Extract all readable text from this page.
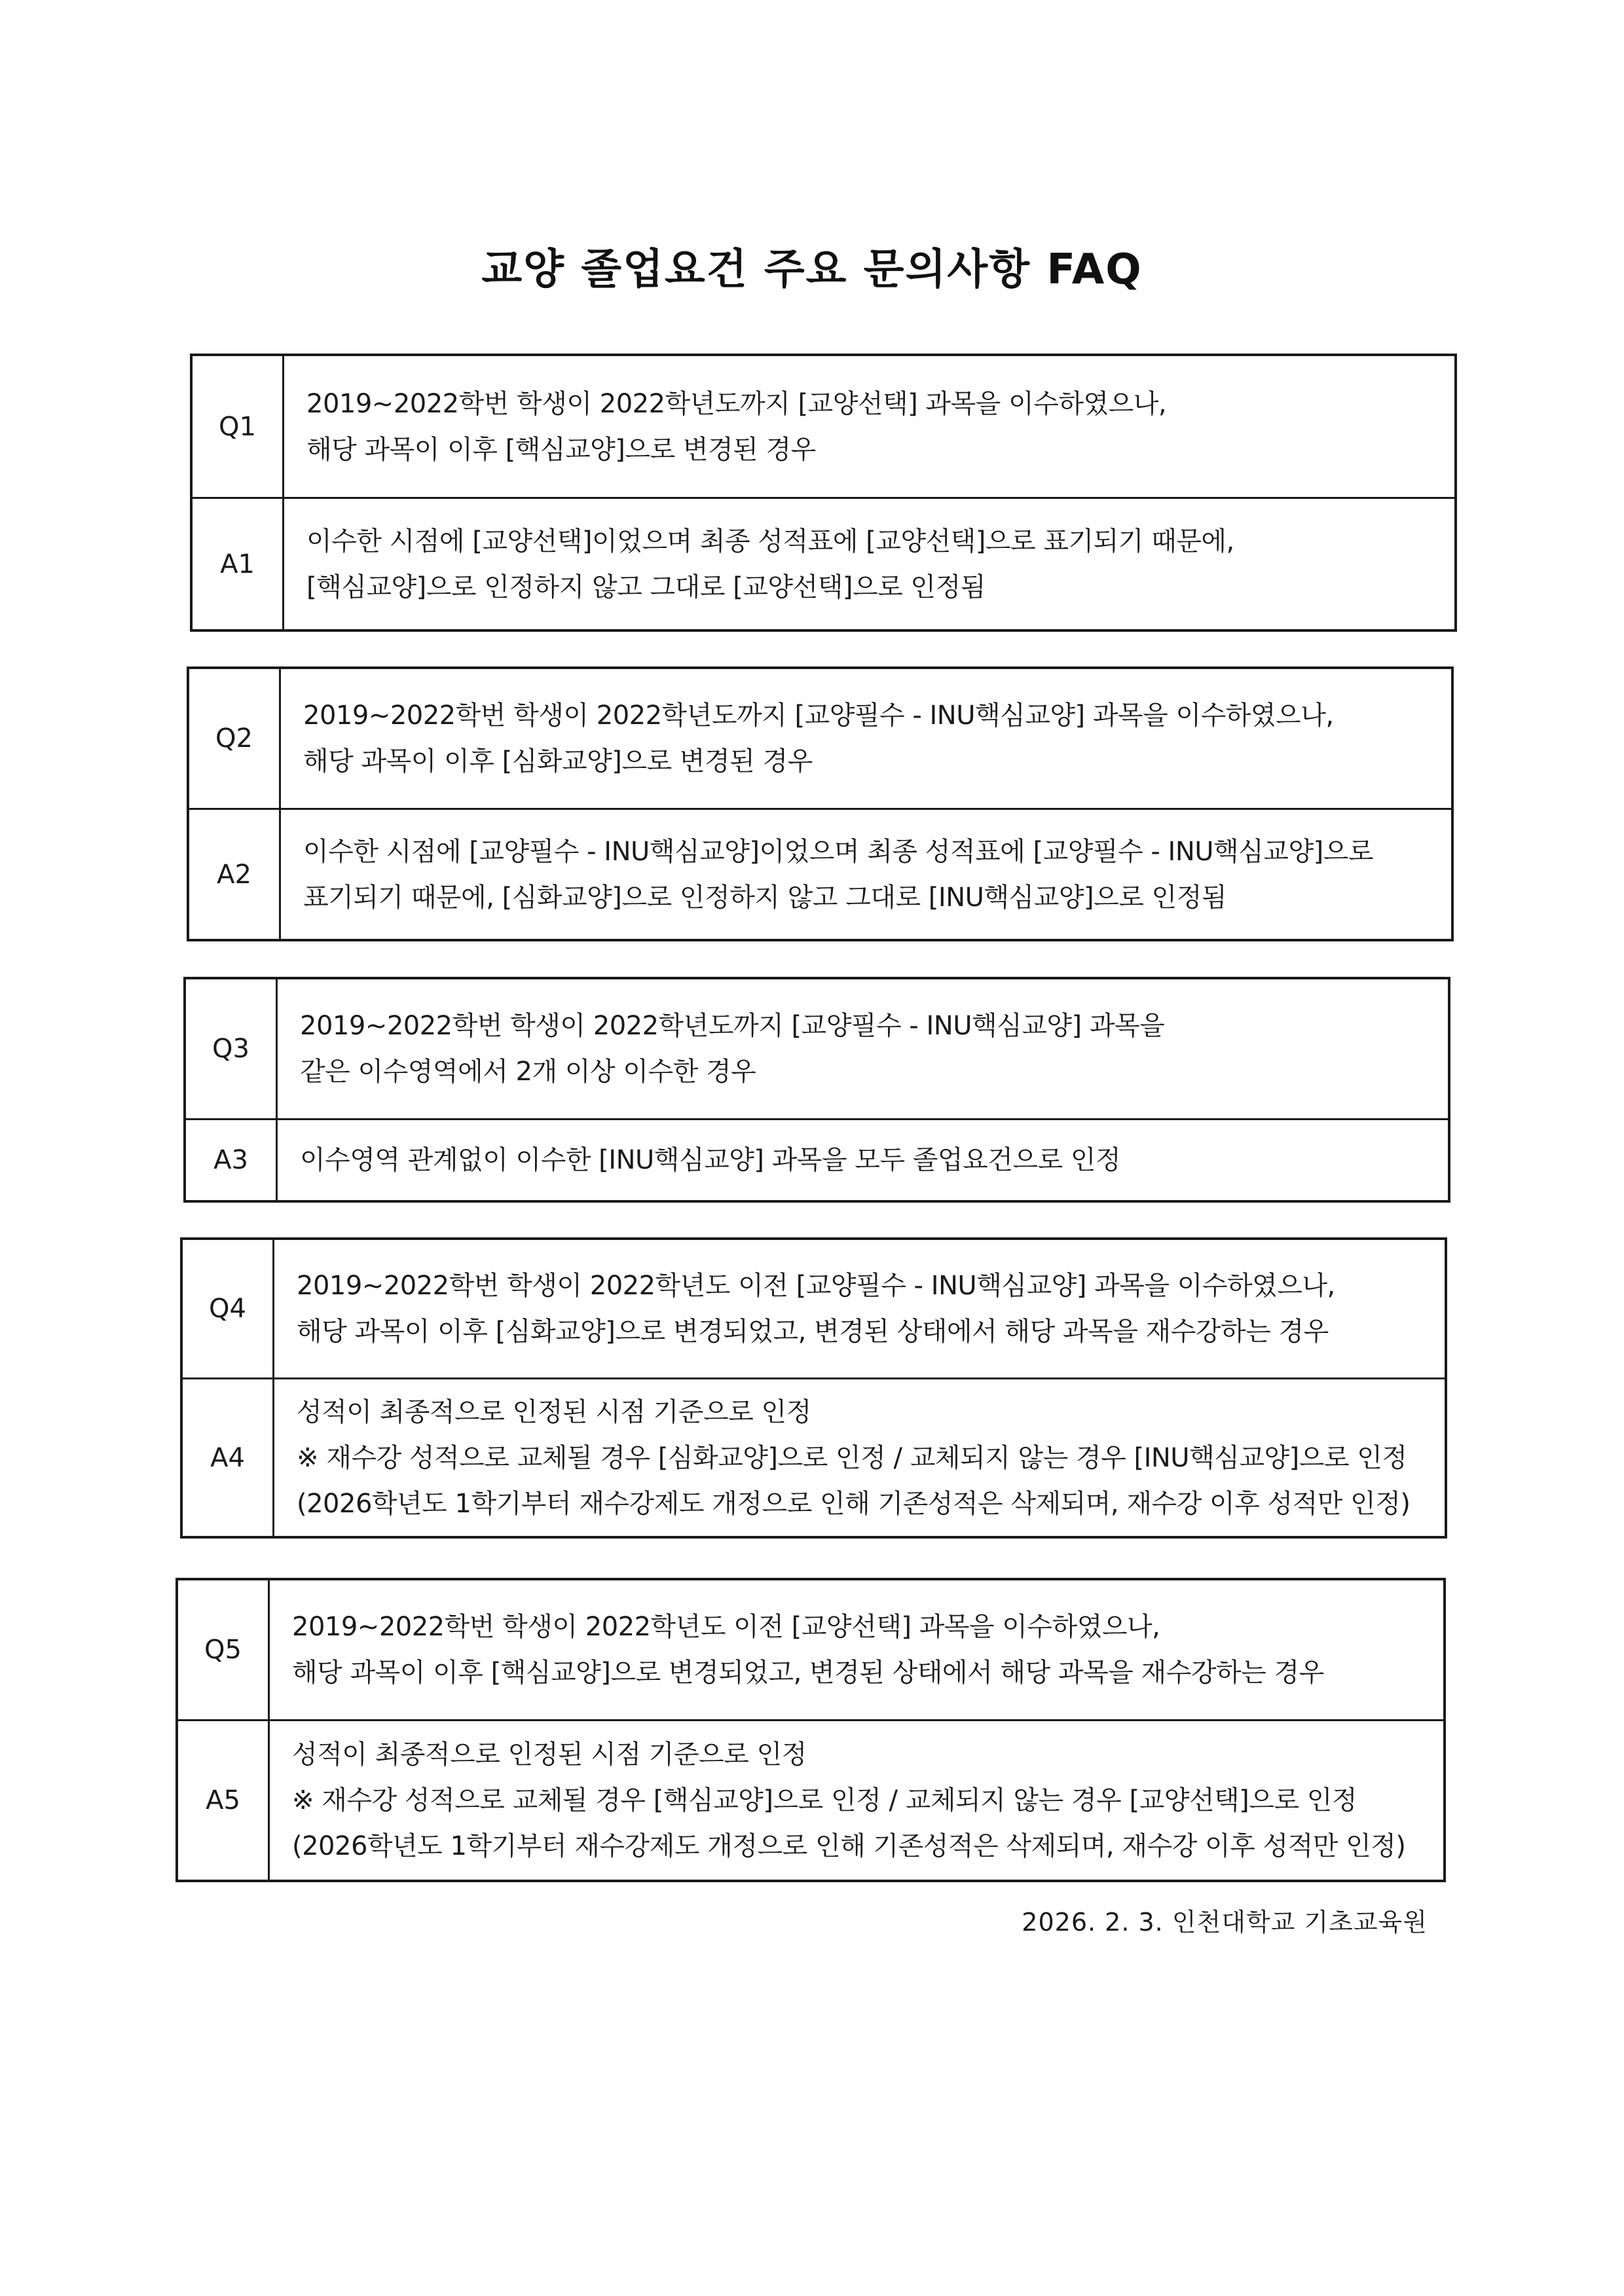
교양 졸업요건 주요 문의사항 FAQ
Q1
2019~2022학번 학생이 2022학년도까지 [교양선택] 과목을 이수하였으나,
해당 과목이 이후 [핵심교양]으로 변경된 경우
A1
이수한 시점에 [교양선택]이었으며 최종 성적표에 [교양선택]으로 표기되기 때문에,
[핵심교양]으로 인정하지 않고 그대로 [교양선택]으로 인정됨
Q2
2019~2022학번 학생이 2022학년도까지 [교양필수 - INU핵심교양] 과목을 이수하였으나,
해당 과목이 이후 [심화교양]으로 변경된 경우
A2
이수한 시점에 [교양필수 - INU핵심교양]이었으며 최종 성적표에 [교양필수 - INU핵심교양]으로
표기되기 때문에, [심화교양]으로 인정하지 않고 그대로 [INU핵심교양]으로 인정됨
Q3
2019~2022학번 학생이 2022학년도까지 [교양필수 - INU핵심교양] 과목을
같은 이수영역에서 2개 이상 이수한 경우
A3	이수영역 관계없이 이수한 [INU핵심교양] 과목을 모두 졸업요건으로 인정
Q4
2019~2022학번 학생이 2022학년도 이전 [교양필수 - INU핵심교양] 과목을 이수하였으나,
해당 과목이 이후 [심화교양]으로 변경되었고, 변경된 상태에서 해당 과목을 재수강하는 경우
A4
성적이 최종적으로 인정된 시점 기준으로 인정
※ 재수강 성적으로 교체될 경우 [심화교양]으로 인정 / 교체되지 않는 경우 [INU핵심교양]으로 인정
(2026학년도 1학기부터 재수강제도 개정으로 인해 기존성적은 삭제되며, 재수강 이후 성적만 인정)
Q5
2019~2022학번 학생이 2022학년도 이전 [교양선택] 과목을 이수하였으나,
해당 과목이 이후 [핵심교양]으로 변경되었고, 변경된 상태에서 해당 과목을 재수강하는 경우
A5
성적이 최종적으로 인정된 시점 기준으로 인정
※ 재수강 성적으로 교체될 경우 [핵심교양]으로 인정 / 교체되지 않는 경우 [교양선택]으로 인정
(2026학년도 1학기부터 재수강제도 개정으로 인해 기존성적은 삭제되며, 재수강 이후 성적만 인정)
2026. 2. 3. 인천대학교 기초교육원
